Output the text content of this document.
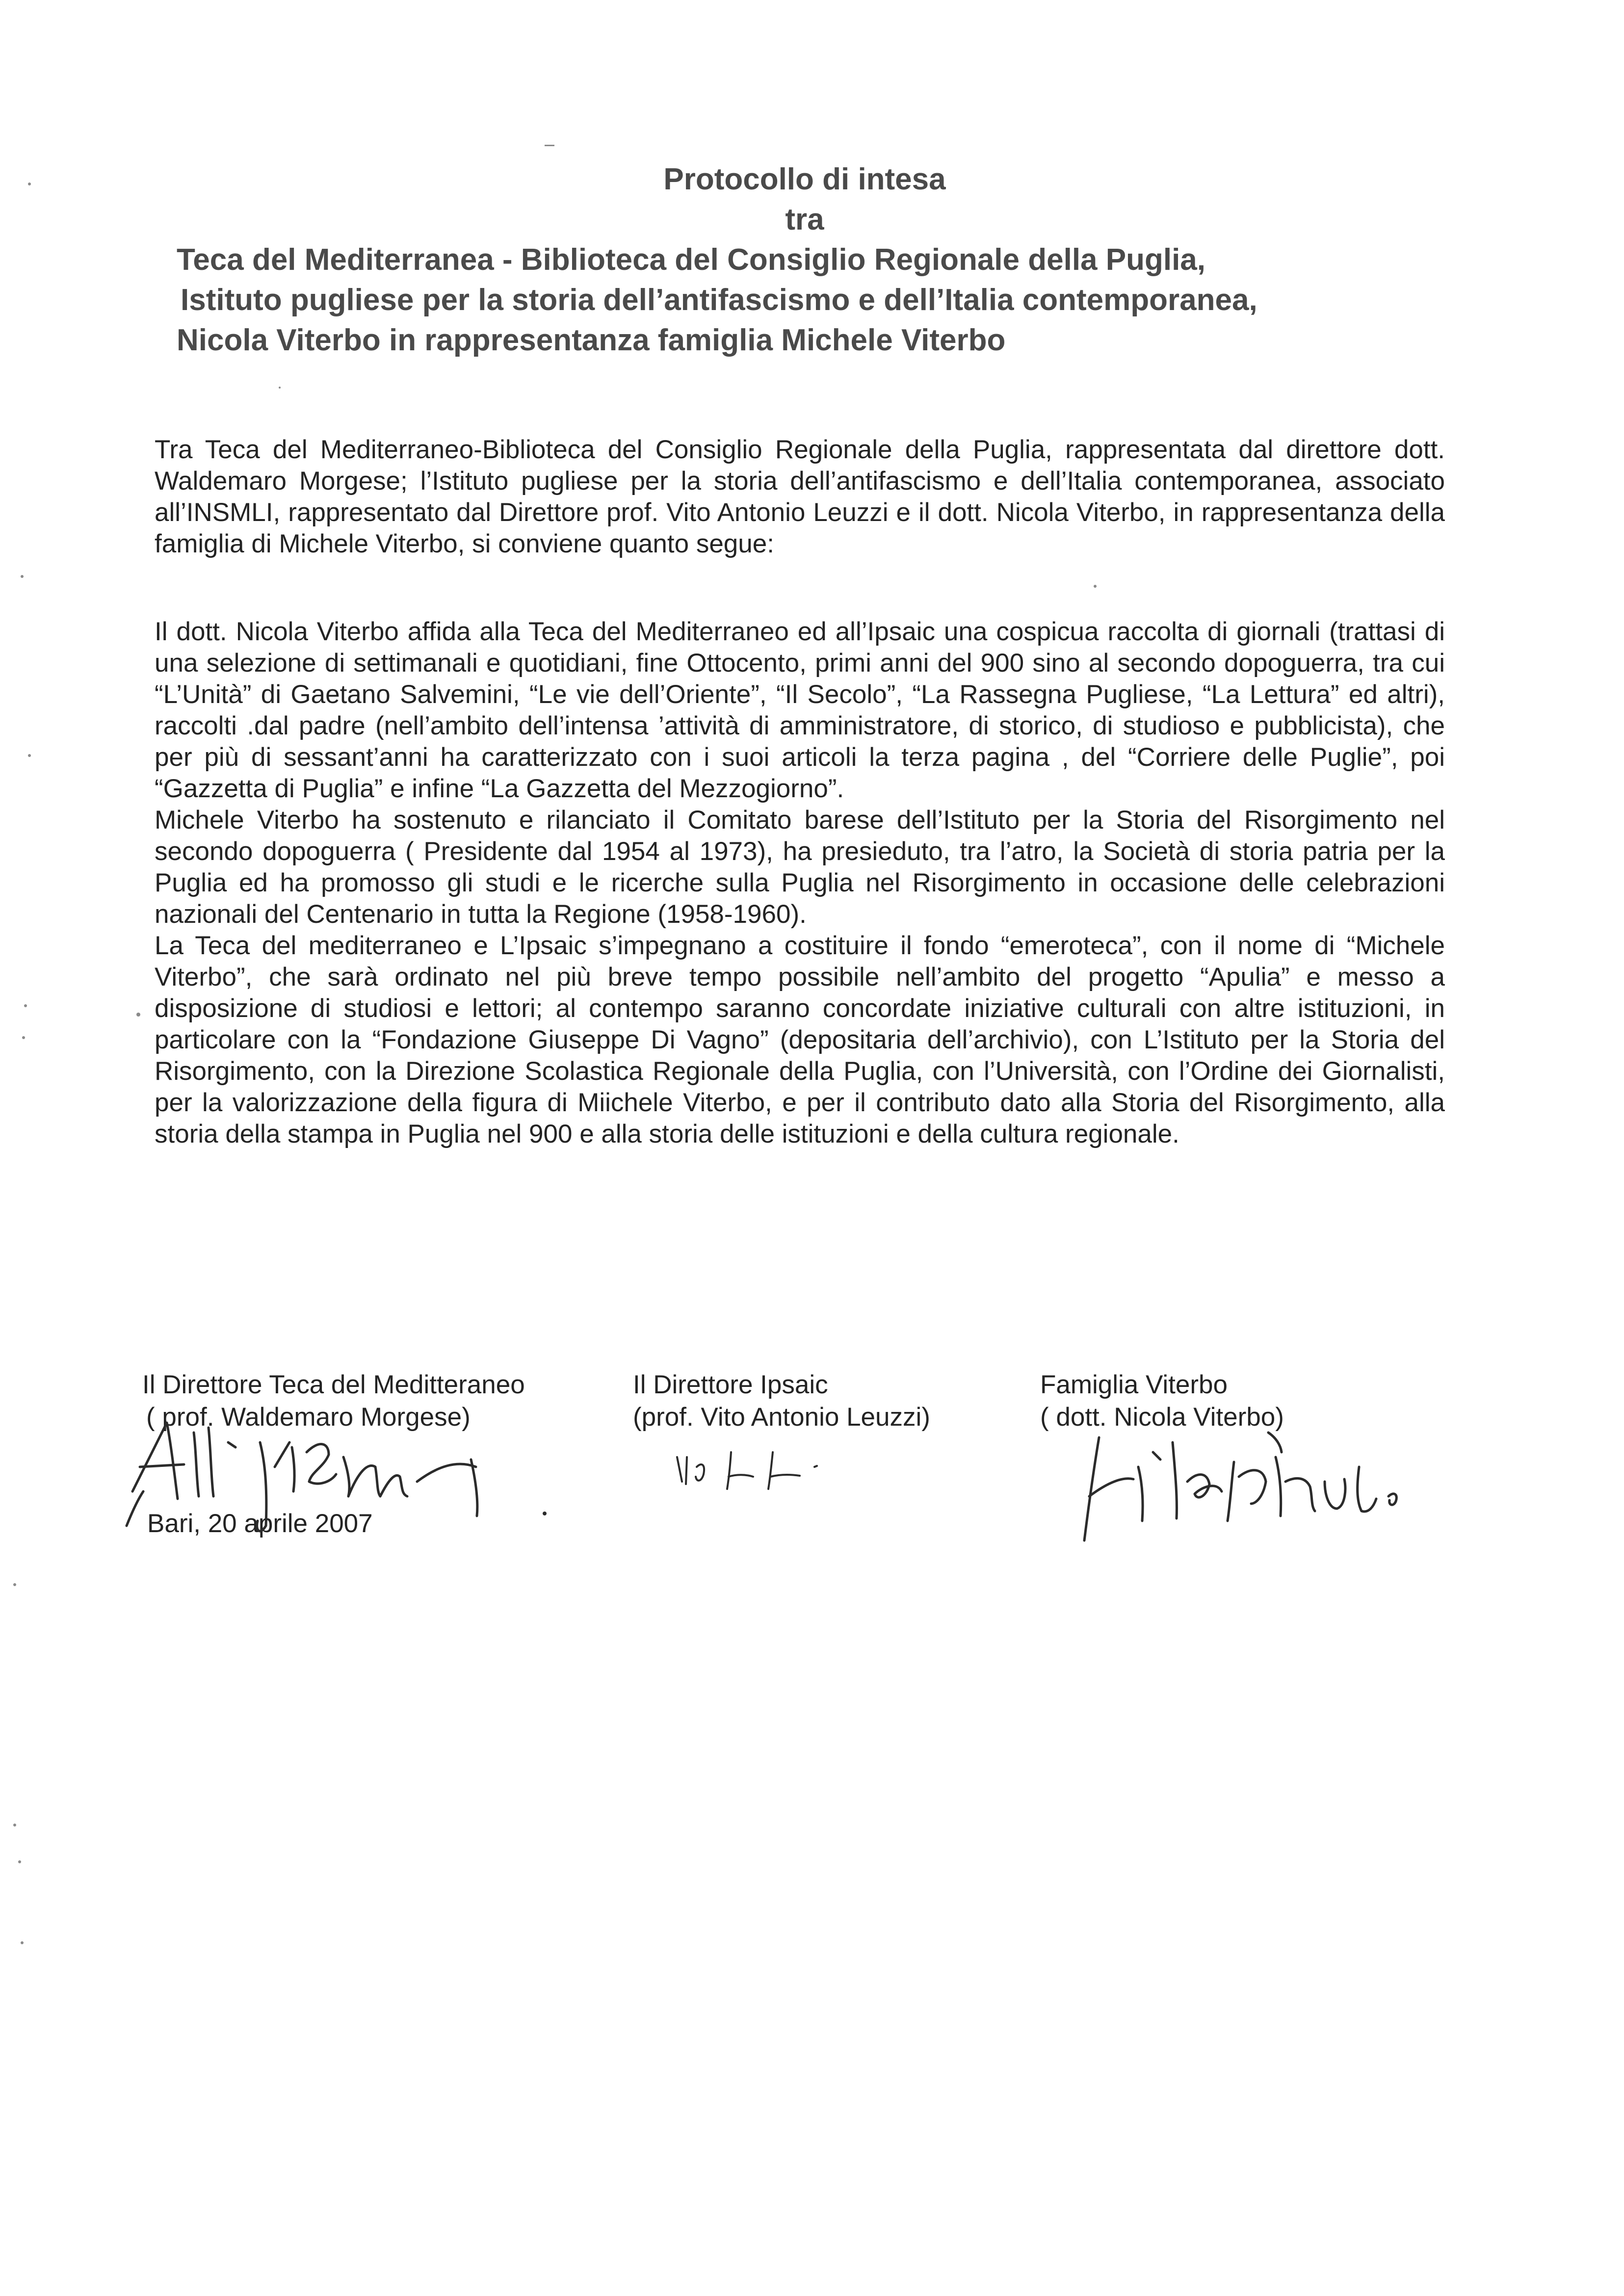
Protocollo di intesa
tra
Teca del Mediterranea - Biblioteca del Consiglio Regionale della Puglia,
Istituto pugliese per la storia dell’antifascismo e dell’Italia contemporanea,
Nicola Viterbo in rappresentanza famiglia Michele Viterbo

Tra Teca del Mediterraneo-Biblioteca del Consiglio Regionale della Puglia, rappresentata dal direttore dott. Waldemaro Morgese; l’Istituto pugliese per la storia dell’antifascismo e dell’Italia contemporanea, associato all’INSMLI, rappresentato dal Direttore prof. Vito Antonio Leuzzi e il dott. Nicola Viterbo, in rappresentanza della famiglia di Michele Viterbo, si conviene quanto segue:

Il dott. Nicola Viterbo affida alla Teca del Mediterraneo ed all’Ipsaic una cospicua raccolta di giornali (trattasi di una selezione di settimanali e quotidiani, fine Ottocento, primi anni del 900 sino al secondo dopoguerra, tra cui “L’Unità” di Gaetano Salvemini, “Le vie dell’Oriente”, “Il Secolo”, “La Rassegna Pugliese, “La Lettura” ed altri), raccolti .dal padre (nell’ambito dell’intensa ’attività di amministratore, di storico, di studioso e pubblicista), che per più di sessant’anni ha caratterizzato con i suoi articoli la terza pagina , del “Corriere delle Puglie”, poi “Gazzetta di Puglia” e infine “La Gazzetta del Mezzogiorno”.

Michele Viterbo ha sostenuto e rilanciato il Comitato barese dell’Istituto per la Storia del Risorgimento nel secondo dopoguerra ( Presidente dal 1954 al 1973), ha presieduto, tra l’atro, la Società di storia patria per la Puglia ed ha promosso gli studi e le ricerche sulla Puglia nel Risorgimento in occasione delle celebrazioni nazionali del Centenario in tutta la Regione (1958-1960).

La Teca del mediterraneo e L’Ipsaic s’impegnano a costituire il fondo “emeroteca”, con il nome di “Michele Viterbo”, che sarà ordinato nel più breve tempo possibile nell’ambito del progetto “Apulia” e messo a disposizione di studiosi e lettori; al contempo saranno concordate iniziative culturali con altre istituzioni, in particolare con la “Fondazione Giuseppe Di Vagno” (depositaria dell’archivio), con L’Istituto per la Storia del Risorgimento, con la Direzione Scolastica Regionale della Puglia, con l’Università, con l’Ordine dei Giornalisti, per la valorizzazione della figura di Miichele Viterbo, e per il contributo dato alla Storia del Risorgimento, alla storia della stampa in Puglia nel 900 e alla storia delle istituzioni e della cultura regionale.

Il Direttore Teca del Meditteraneo
( prof. Waldemaro Morgese)
Il Direttore Ipsaic
(prof. Vito Antonio Leuzzi)
Famiglia Viterbo
( dott. Nicola Viterbo)
Bari, 20 aprile 2007
